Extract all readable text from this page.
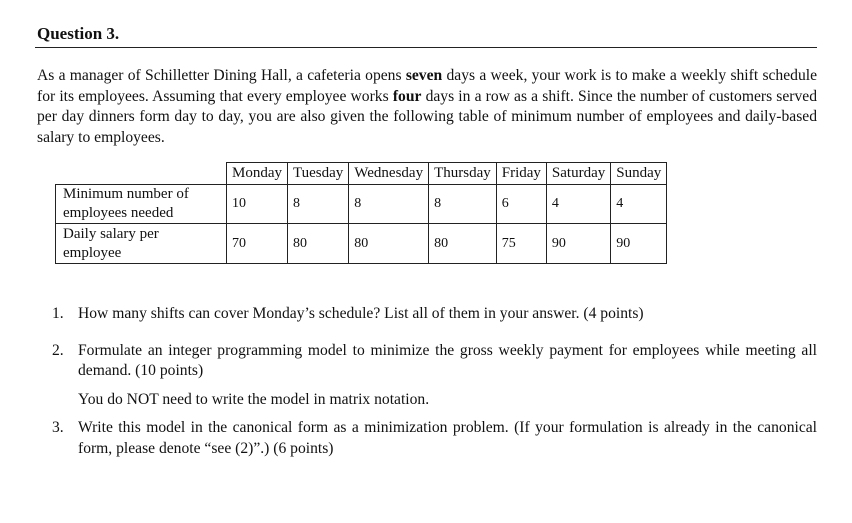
Question 3.
As a manager of Schilletter Dining Hall, a cafeteria opens seven days a week, your work is to make a weekly shift schedule for its employees. Assuming that every employee works four days in a row as a shift. Since the number of customers served per day dinners form day to day, you are also given the following table of minimum number of employees and daily-based salary to employees.
	Monday	Tuesday	Wednesday	Thursday	Friday	Saturday	Sunday
Minimum number of
employees needed	10	8	8	8	6	4	4
Daily salary per
employee	70	80	80	80	75	90	90
1. How many shifts can cover Monday’s schedule? List all of them in your answer. (4 points)
2. Formulate an integer programming model to minimize the gross weekly payment for employees while meeting all demand. (10 points)
You do NOT need to write the model in matrix notation.
3. Write this model in the canonical form as a minimization problem. (If your formulation is already in the canonical form, please denote “see (2)”.) (6 points)
